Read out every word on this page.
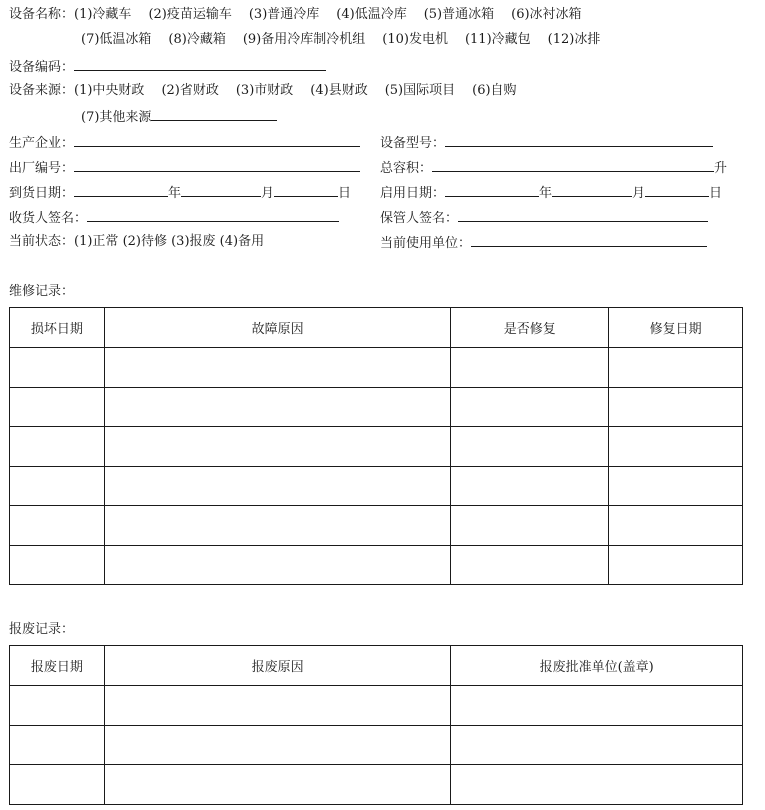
设备名称：(1)冷藏车 (2)疫苗运输车 (3)普通冷库 (4)低温冷库 (5)普通冰箱 (6)冰衬冰箱
(7)低温冰箱 (8)冷藏箱 (9)备用冷库制冷机组 (10)发电机 (11)冷藏包 (12)冰排
设备编码：
设备来源：(1)中央财政 (2)省财政 (3)市财政 (4)县财政 (5)国际项目 (6)自购
(7)其他来源
生产企业：	设备型号：
出厂编号：	总容积：	升
到货日期：	年	月	日 启用日期：	年	月	日
收货人签名：	保管人签名：
当前状态：(1)正常 (2)待修 (3)报废 (4)备用	当前使用单位：
维修记录：
损坏日期	故障原因	是否修复	修复日期

报废记录：
报废日期	报废原因	报废批准单位(盖章)
